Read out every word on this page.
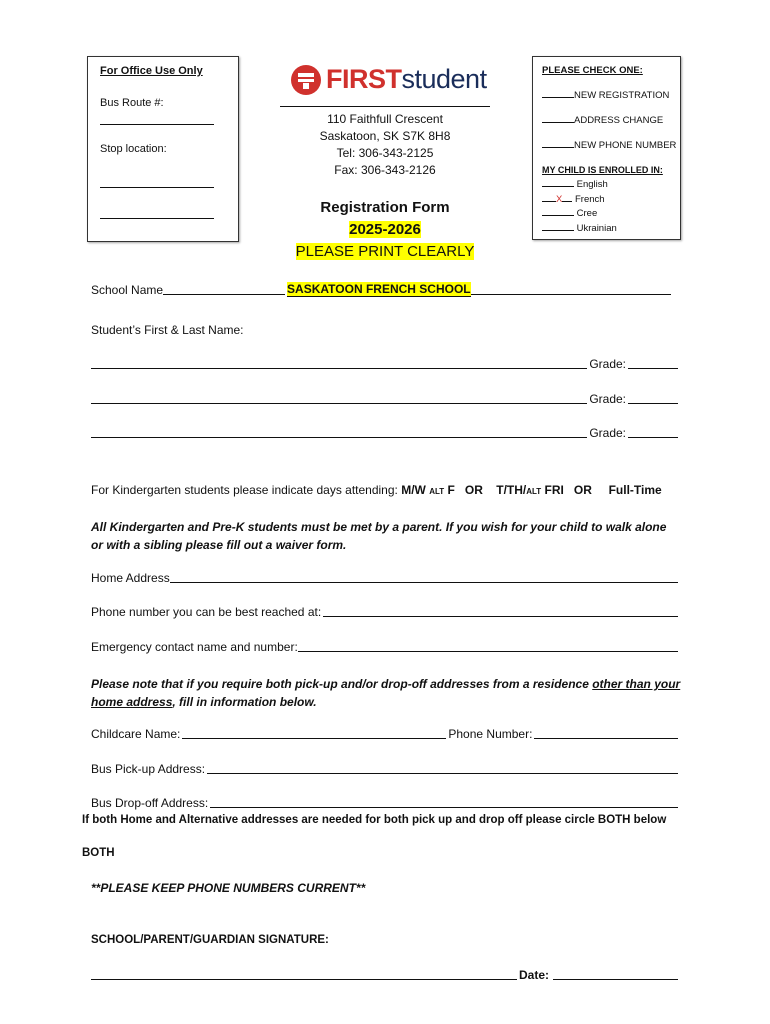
For Office Use Only
Bus Route #:
Stop location:
FIRSTstudent
110 Faithfull Crescent
Saskatoon, SK S7K 8H8
Tel: 306-343-2125
Fax: 306-343-2126
Registration Form
2025-2026
PLEASE PRINT CLEARLY
PLEASE CHECK ONE:
NEW REGISTRATION
ADDRESS CHANGE
NEW PHONE NUMBER
MY CHILD IS ENROLLED IN:
English
X French
Cree
Ukrainian
School Name	SASKATOON FRENCH SCHOOL
Student’s First & Last Name:
Grade:
Grade:
Grade:
For Kindergarten students please indicate days attending: M/W ALT F OR T/TH/ALT FRI OR Full-Time
All Kindergarten and Pre-K students must be met by a parent. If you wish for your child to walk alone
or with a sibling please fill out a waiver form.
Home Address
Phone number you can be best reached at:
Emergency contact name and number:
Please note that if you require both pick-up and/or drop-off addresses from a residence other than your
home address, fill in information below.
Childcare Name:	Phone Number:
Bus Pick-up Address:
Bus Drop-off Address:
If both Home and Alternative addresses are needed for both pick up and drop off please circle BOTH below
BOTH
**PLEASE KEEP PHONE NUMBERS CURRENT**
SCHOOL/PARENT/GUARDIAN SIGNATURE:
Date:
